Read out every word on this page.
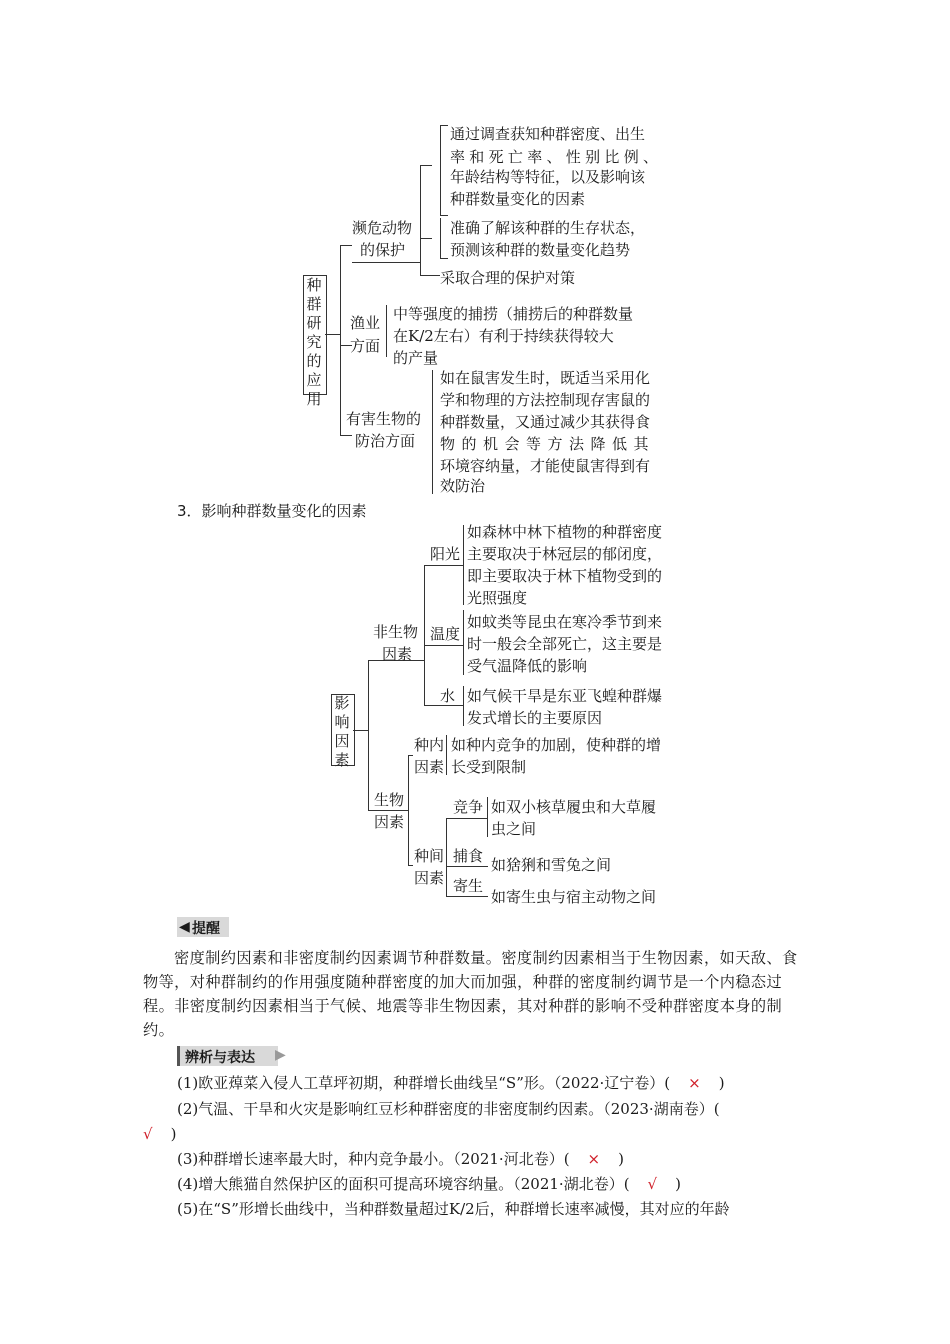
种群研究的应用
濒危动物
的保护
通过调查获知种群密度、出生
率和死亡率、性别比例、
年龄结构等特征，以及影响该
种群数量变化的因素
准确了解该种群的生存状态，
预测该种群的数量变化趋势
采取合理的保护对策
渔业
方面
中等强度的捕捞（捕捞后的种群数量
在K/2左右）有利于持续获得较大
的产量
有害生物的
防治方面
如在鼠害发生时，既适当采用化
学和物理的方法控制现存害鼠的
种群数量，又通过减少其获得食
物的机会等方法降低其
环境容纳量，才能使鼠害得到有
效防治
3．影响种群数量变化的因素
影响因素
非生物
因素
阳光
温度
水
如森林中林下植物的种群密度
主要取决于林冠层的郁闭度，
即主要取决于林下植物受到的
光照强度
如蚊类等昆虫在寒冷季节到来
时一般会全部死亡，这主要是
受气温降低的影响
如气候干旱是东亚飞蝗种群爆
发式增长的主要原因
生物
因素
种内
因素
如种内竞争的加剧，使种群的增
长受到限制
种间
因素
竞争
捕食
寄生
如双小核草履虫和大草履
虫之间
如猞猁和雪兔之间
如寄生虫与宿主动物之间
◀ 提醒
密度制约因素和非密度制约因素调节种群数量。密度制约因素相当于生物因素，如天敌、食物等，对种群制约的作用强度随种群密度的加大而加强，种群的密度制约调节是一个内稳态过程。非密度制约因素相当于气候、地震等非生物因素，其对种群的影响不受种群密度本身的制约。
辨析与表达 ▶
(1)欧亚蔊菜入侵人工草坪初期，种群增长曲线呈“S”形。（2022·辽宁卷）( × )
(2)气温、干旱和火灾是影响红豆杉种群密度的非密度制约因素。（2023·湖南卷）(
√ )
(3)种群增长速率最大时，种内竞争最小。（2021·河北卷）( × )
(4)增大熊猫自然保护区的面积可提高环境容纳量。（2021·湖北卷）( √ )
(5)在“S”形增长曲线中，当种群数量超过K/2后，种群增长速率减慢，其对应的年龄
